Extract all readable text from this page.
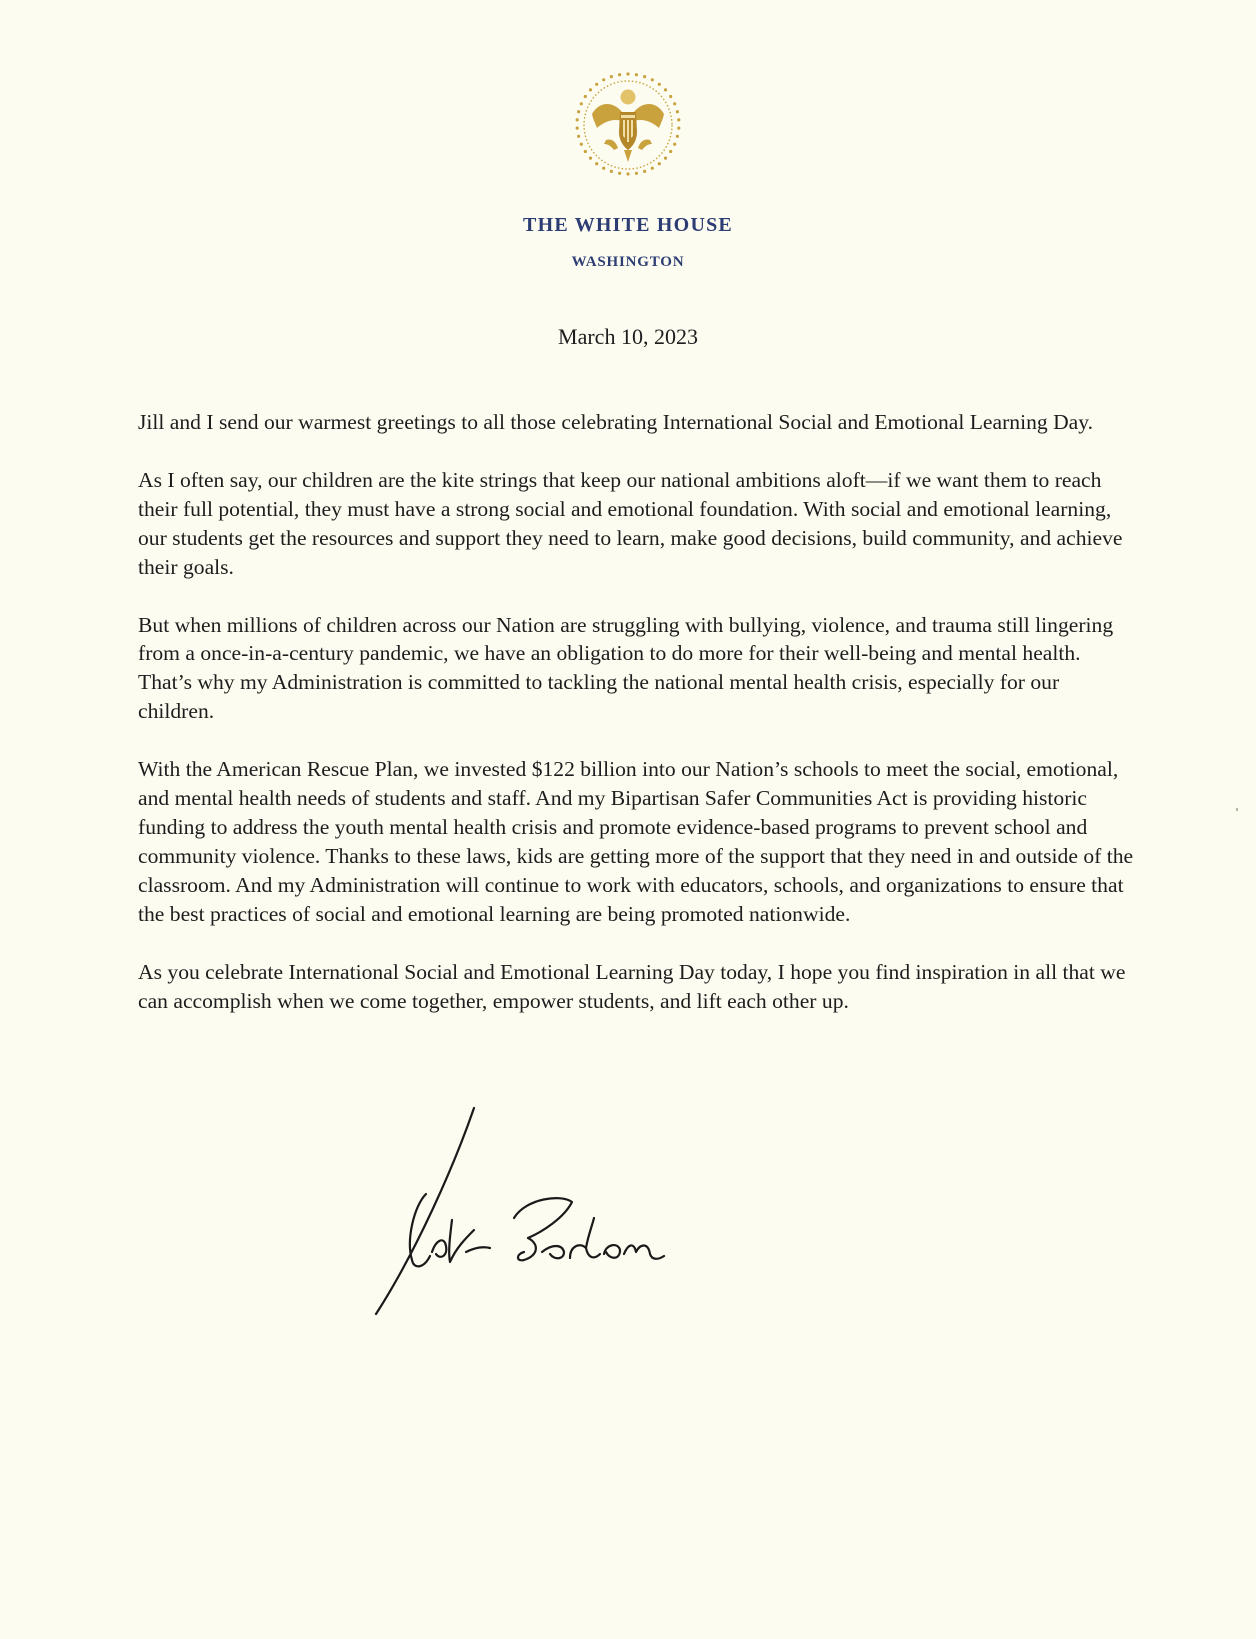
THE WHITE HOUSE
WASHINGTON
March 10, 2023

Jill and I send our warmest greetings to all those celebrating International Social and Emotional Learning Day.

As I often say, our children are the kite strings that keep our national ambitions aloft—if we want them to reach their full potential, they must have a strong social and emotional foundation. With social and emotional learning, our students get the resources and support they need to learn, make good decisions, build community, and achieve their goals.

But when millions of children across our Nation are struggling with bullying, violence, and trauma still lingering from a once-in-a-century pandemic, we have an obligation to do more for their well-being and mental health. That’s why my Administration is committed to tackling the national mental health crisis, especially for our children.

With the American Rescue Plan, we invested $122 billion into our Nation’s schools to meet the social, emotional, and mental health needs of students and staff. And my Bipartisan Safer Communities Act is providing historic funding to address the youth mental health crisis and promote evidence-based programs to prevent school and community violence. Thanks to these laws, kids are getting more of the support that they need in and outside of the classroom. And my Administration will continue to work with educators, schools, and organizations to ensure that the best practices of social and emotional learning are being promoted nationwide.

As you celebrate International Social and Emotional Learning Day today, I hope you find inspiration in all that we can accomplish when we come together, empower students, and lift each other up.
